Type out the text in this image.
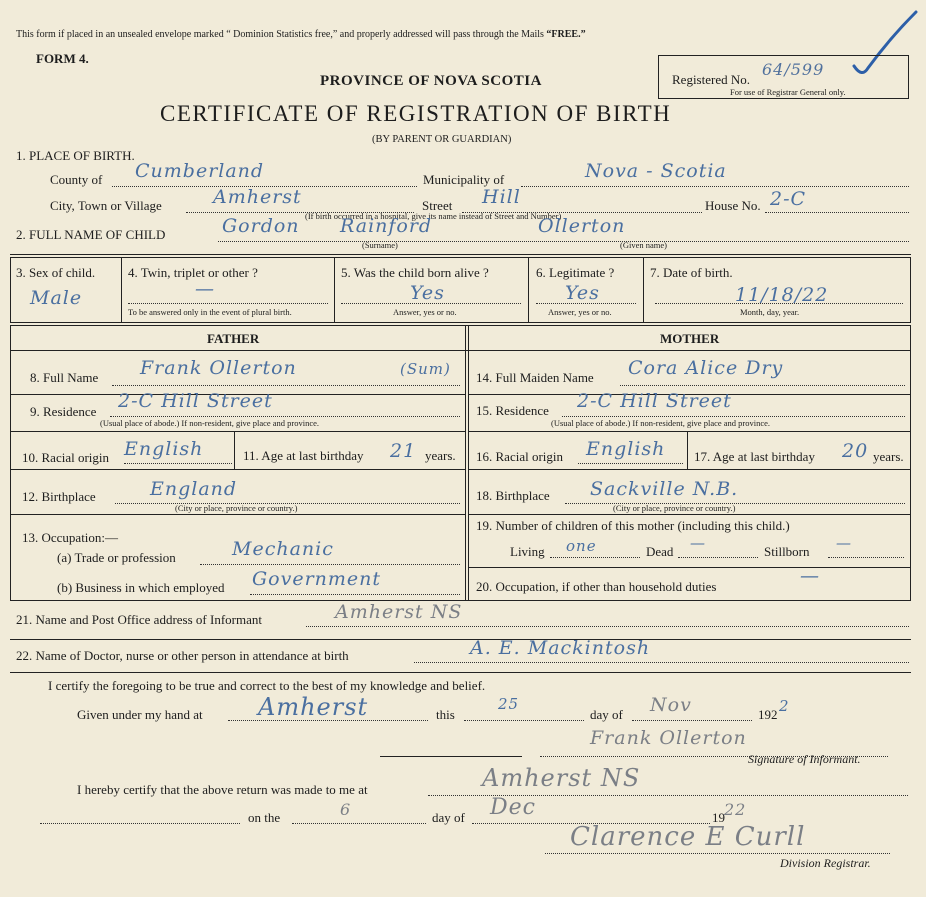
This form if placed in an unsealed envelope marked “ Dominion Statistics free,” and properly addressed will pass through the Mails “FREE.”
FORM 4.
PROVINCE OF NOVA SCOTIA
CERTIFICATE OF REGISTRATION OF BIRTH
(BY PARENT OR GUARDIAN)
Registered No.
64/599
For use of Registrar General only.
1. PLACE OF BIRTH.
County of Cumberland	Municipality of	Nova - Scotia
City, Town or Village	Amherst	Street Hill
(If birth occurred in a hospital, give its name instead of Street and Number)
House No. 2-C
2. FULL NAME OF CHILD	Gordon Rainford	Ollerton
(Surname)	(Given name)
3. Sex of child.
Male
4. Twin, triplet or other ?
—
To be answered only in the event of plural birth.
5. Was the child born alive ?
Yes
Answer, yes or no.
6. Legitimate ?
Yes
Answer, yes or no.
7. Date of birth.
11/18/22
Month, day, year.
FATHER	MOTHER
8. Full Name Frank Ollerton	(Sum)
9. Residence 2-C Hill Street
(Usual place of abode.) If non-resident, give place and province.
10. Racial origin English	11. Age at last birthday 21 years.
12. Birthplace	England
(City or place, province or country.)
13. Occupation:—
(a) Trade or profession	Mechanic
(b) Business in which employed Government
14. Full Maiden Name Cora Alice Dry
15. Residence 2-C Hill Street
(Usual place of abode.) If non-resident, give place and province.
16. Racial origin English 17. Age at last birthday 20 years.
18. Birthplace Sackville N.B.
(City or place, province or country.)
19. Number of children of this mother (including this child.)
Living one	Dead —	Stillborn —
20. Occupation, if other than household duties	—
21. Name and Post Office address of Informant	Amherst NS
22. Name of Doctor, nurse or other person in attendance at birth	A. E. Mackintosh
I certify the foregoing to be true and correct to the best of my knowledge and belief.
Given under my hand at Amherst	this
25
day of Nov	192 2
Frank Ollerton
Signature of Informant.
I hereby certify that the above return was made to me at	Amherst NS
on the	6	day of Dec	19 22
Clarence E Curll
Division Registrar.
